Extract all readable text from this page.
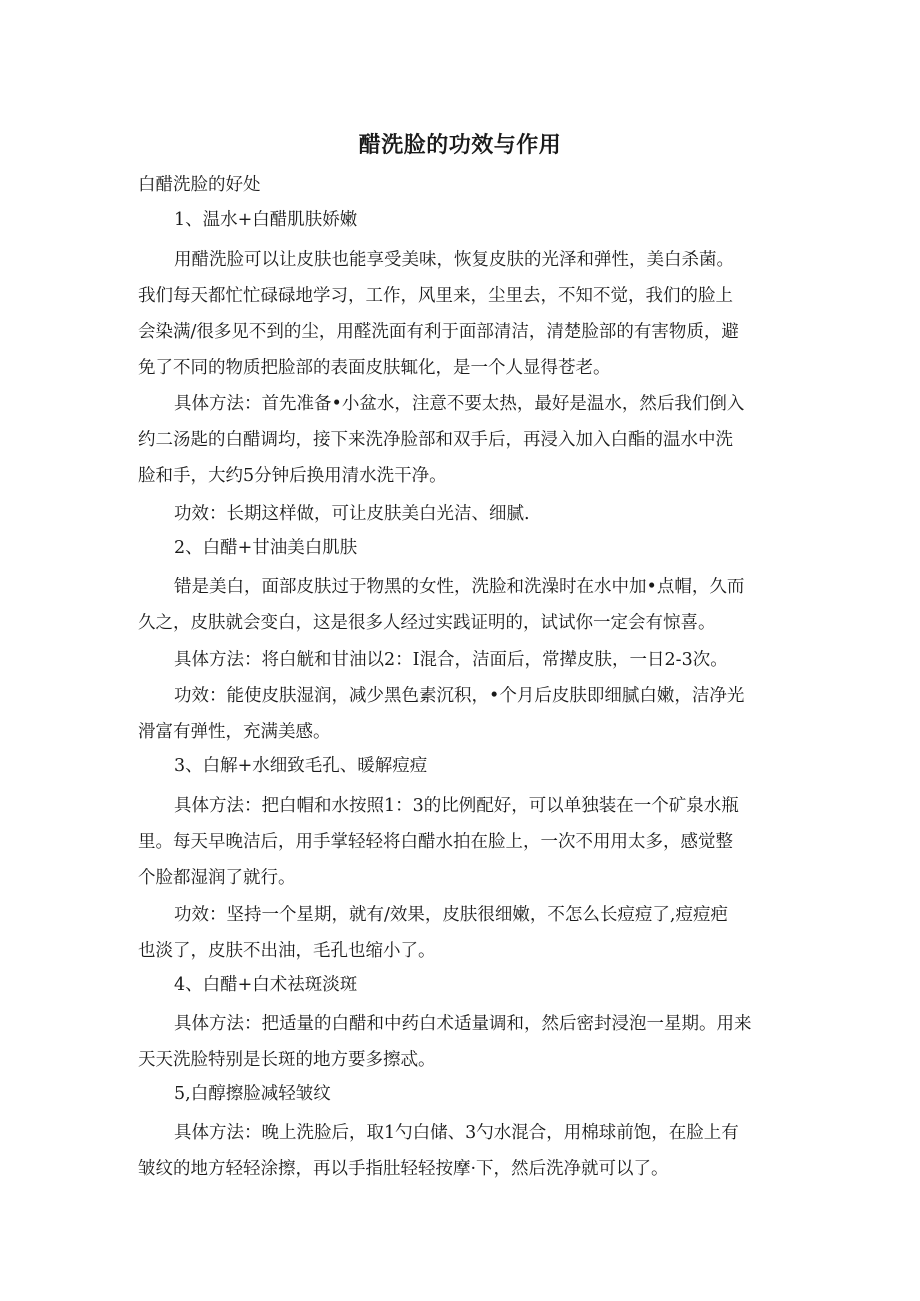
醋洗脸的功效与作用
白醋洗脸的好处
1、温水+白醋肌肤娇嫩
用醋洗脸可以让皮肤也能享受美味，恢复皮肤的光泽和弹性，美白杀菌。
我们每天都忙忙碌碌地学习，工作，风里来，尘里去，不知不觉，我们的脸上
会染满/很多见不到的尘，用醛洗面有利于面部清洁，清楚脸部的有害物质，避
免了不同的物质把脸部的表面皮肤辄化，是一个人显得苍老。
具体方法：首先准备•小盆水，注意不要太热，最好是温水，然后我们倒入
约二汤匙的白醋调均，接下来洗净脸部和双手后，再浸入加入白酯的温水中洗
脸和手，大约5分钟后换用清水洗干净。
功效：长期这样做，可让皮肤美白光洁、细腻.
2、白醋+甘油美白肌肤
错是美白，面部皮肤过于物黑的女性，洗脸和洗澡时在水中加•点帽，久而
久之，皮肤就会变白，这是很多人经过实践证明的，试试你一定会有惊喜。
具体方法：将白觥和甘油以2：I混合，洁面后，常撵皮肤，一日2-3次。
功效：能使皮肤湿润，减少黑色素沉积，•个月后皮肤即细腻白嫩，洁净光
滑富有弹性，充满美感。
3、白解+水细致毛孔、暖解痘痘
具体方法：把白帽和水按照1：3的比例配好，可以单独装在一个矿泉水瓶
里。每天早晚洁后，用手掌轻轻将白醋水拍在脸上，一次不用用太多，感觉整
个脸都湿润了就行。
功效：坚持一个星期，就有/效果，皮肤很细嫩，不怎么长痘痘了,痘痘疤
也淡了，皮肤不出油，毛孔也缩小了。
4、白醋+白术祛斑淡斑
具体方法：把适量的白醋和中药白术适量调和，然后密封浸泡一星期。用来
天天洗脸特别是长斑的地方要多擦忒。
5,白醇擦脸减轻皱纹
具体方法：晚上洗脸后，取1勺白储、3勺水混合，用棉球前饱，在脸上有
皱纹的地方轻轻涂擦，再以手指肚轻轻按摩·下，然后洗净就可以了。
